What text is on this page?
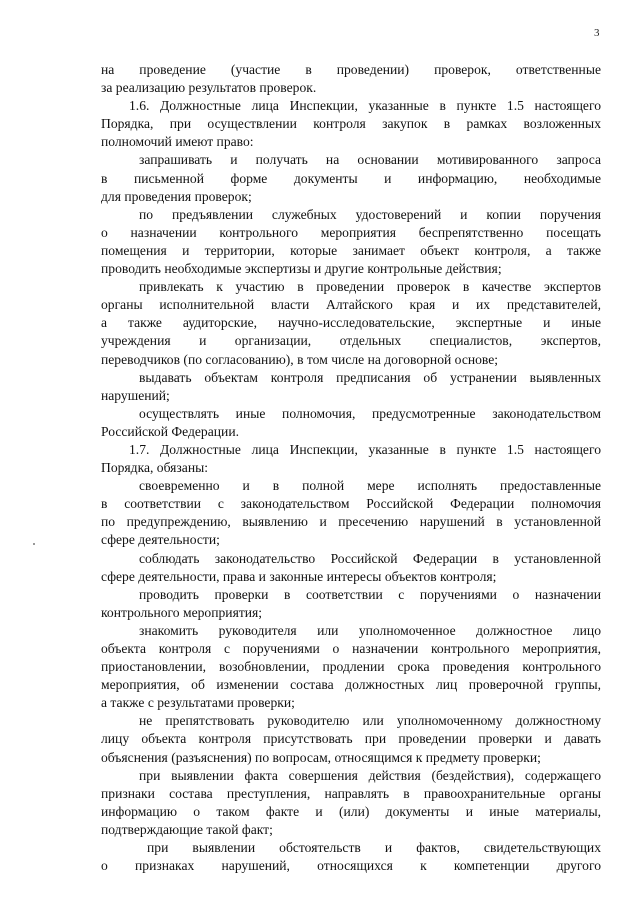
3
на проведение (участие в проведении) проверок, ответственные
за реализацию результатов проверок.
1.6. Должностные лица Инспекции, указанные в пункте 1.5 настоящего
Порядка, при осуществлении контроля закупок в рамках возложенных
полномочий имеют право:
запрашивать и получать на основании мотивированного запроса
в письменной форме документы и информацию, необходимые
для проведения проверок;
по предъявлении служебных удостоверений и копии поручения
о назначении контрольного мероприятия беспрепятственно посещать
помещения и территории, которые занимает объект контроля, а также
проводить необходимые экспертизы и другие контрольные действия;
привлекать к участию в проведении проверок в качестве экспертов
органы исполнительной власти Алтайского края и их представителей,
а также аудиторские, научно-исследовательские, экспертные и иные
учреждения и организации, отдельных специалистов, экспертов,
переводчиков (по согласованию), в том числе на договорной основе;
выдавать объектам контроля предписания об устранении выявленных
нарушений;
осуществлять иные полномочия, предусмотренные законодательством
Российской Федерации.
1.7. Должностные лица Инспекции, указанные в пункте 1.5 настоящего
Порядка, обязаны:
своевременно и в полной мере исполнять предоставленные
в соответствии с законодательством Российской Федерации полномочия
по предупреждению, выявлению и пресечению нарушений в установленной
сфере деятельности;
соблюдать законодательство Российской Федерации в установленной
сфере деятельности, права и законные интересы объектов контроля;
проводить проверки в соответствии с поручениями о назначении
контрольного мероприятия;
знакомить руководителя или уполномоченное должностное лицо
объекта контроля с поручениями о назначении контрольного мероприятия,
приостановлении, возобновлении, продлении срока проведения контрольного
мероприятия, об изменении состава должностных лиц проверочной группы,
а также с результатами проверки;
не препятствовать руководителю или уполномоченному должностному
лицу объекта контроля присутствовать при проведении проверки и давать
объяснения (разъяснения) по вопросам, относящимся к предмету проверки;
при выявлении факта совершения действия (бездействия), содержащего
признаки состава преступления, направлять в правоохранительные органы
информацию о таком факте и (или) документы и иные материалы,
подтверждающие такой факт;
при выявлении обстоятельств и фактов, свидетельствующих
о признаках нарушений, относящихся к компетенции другого
